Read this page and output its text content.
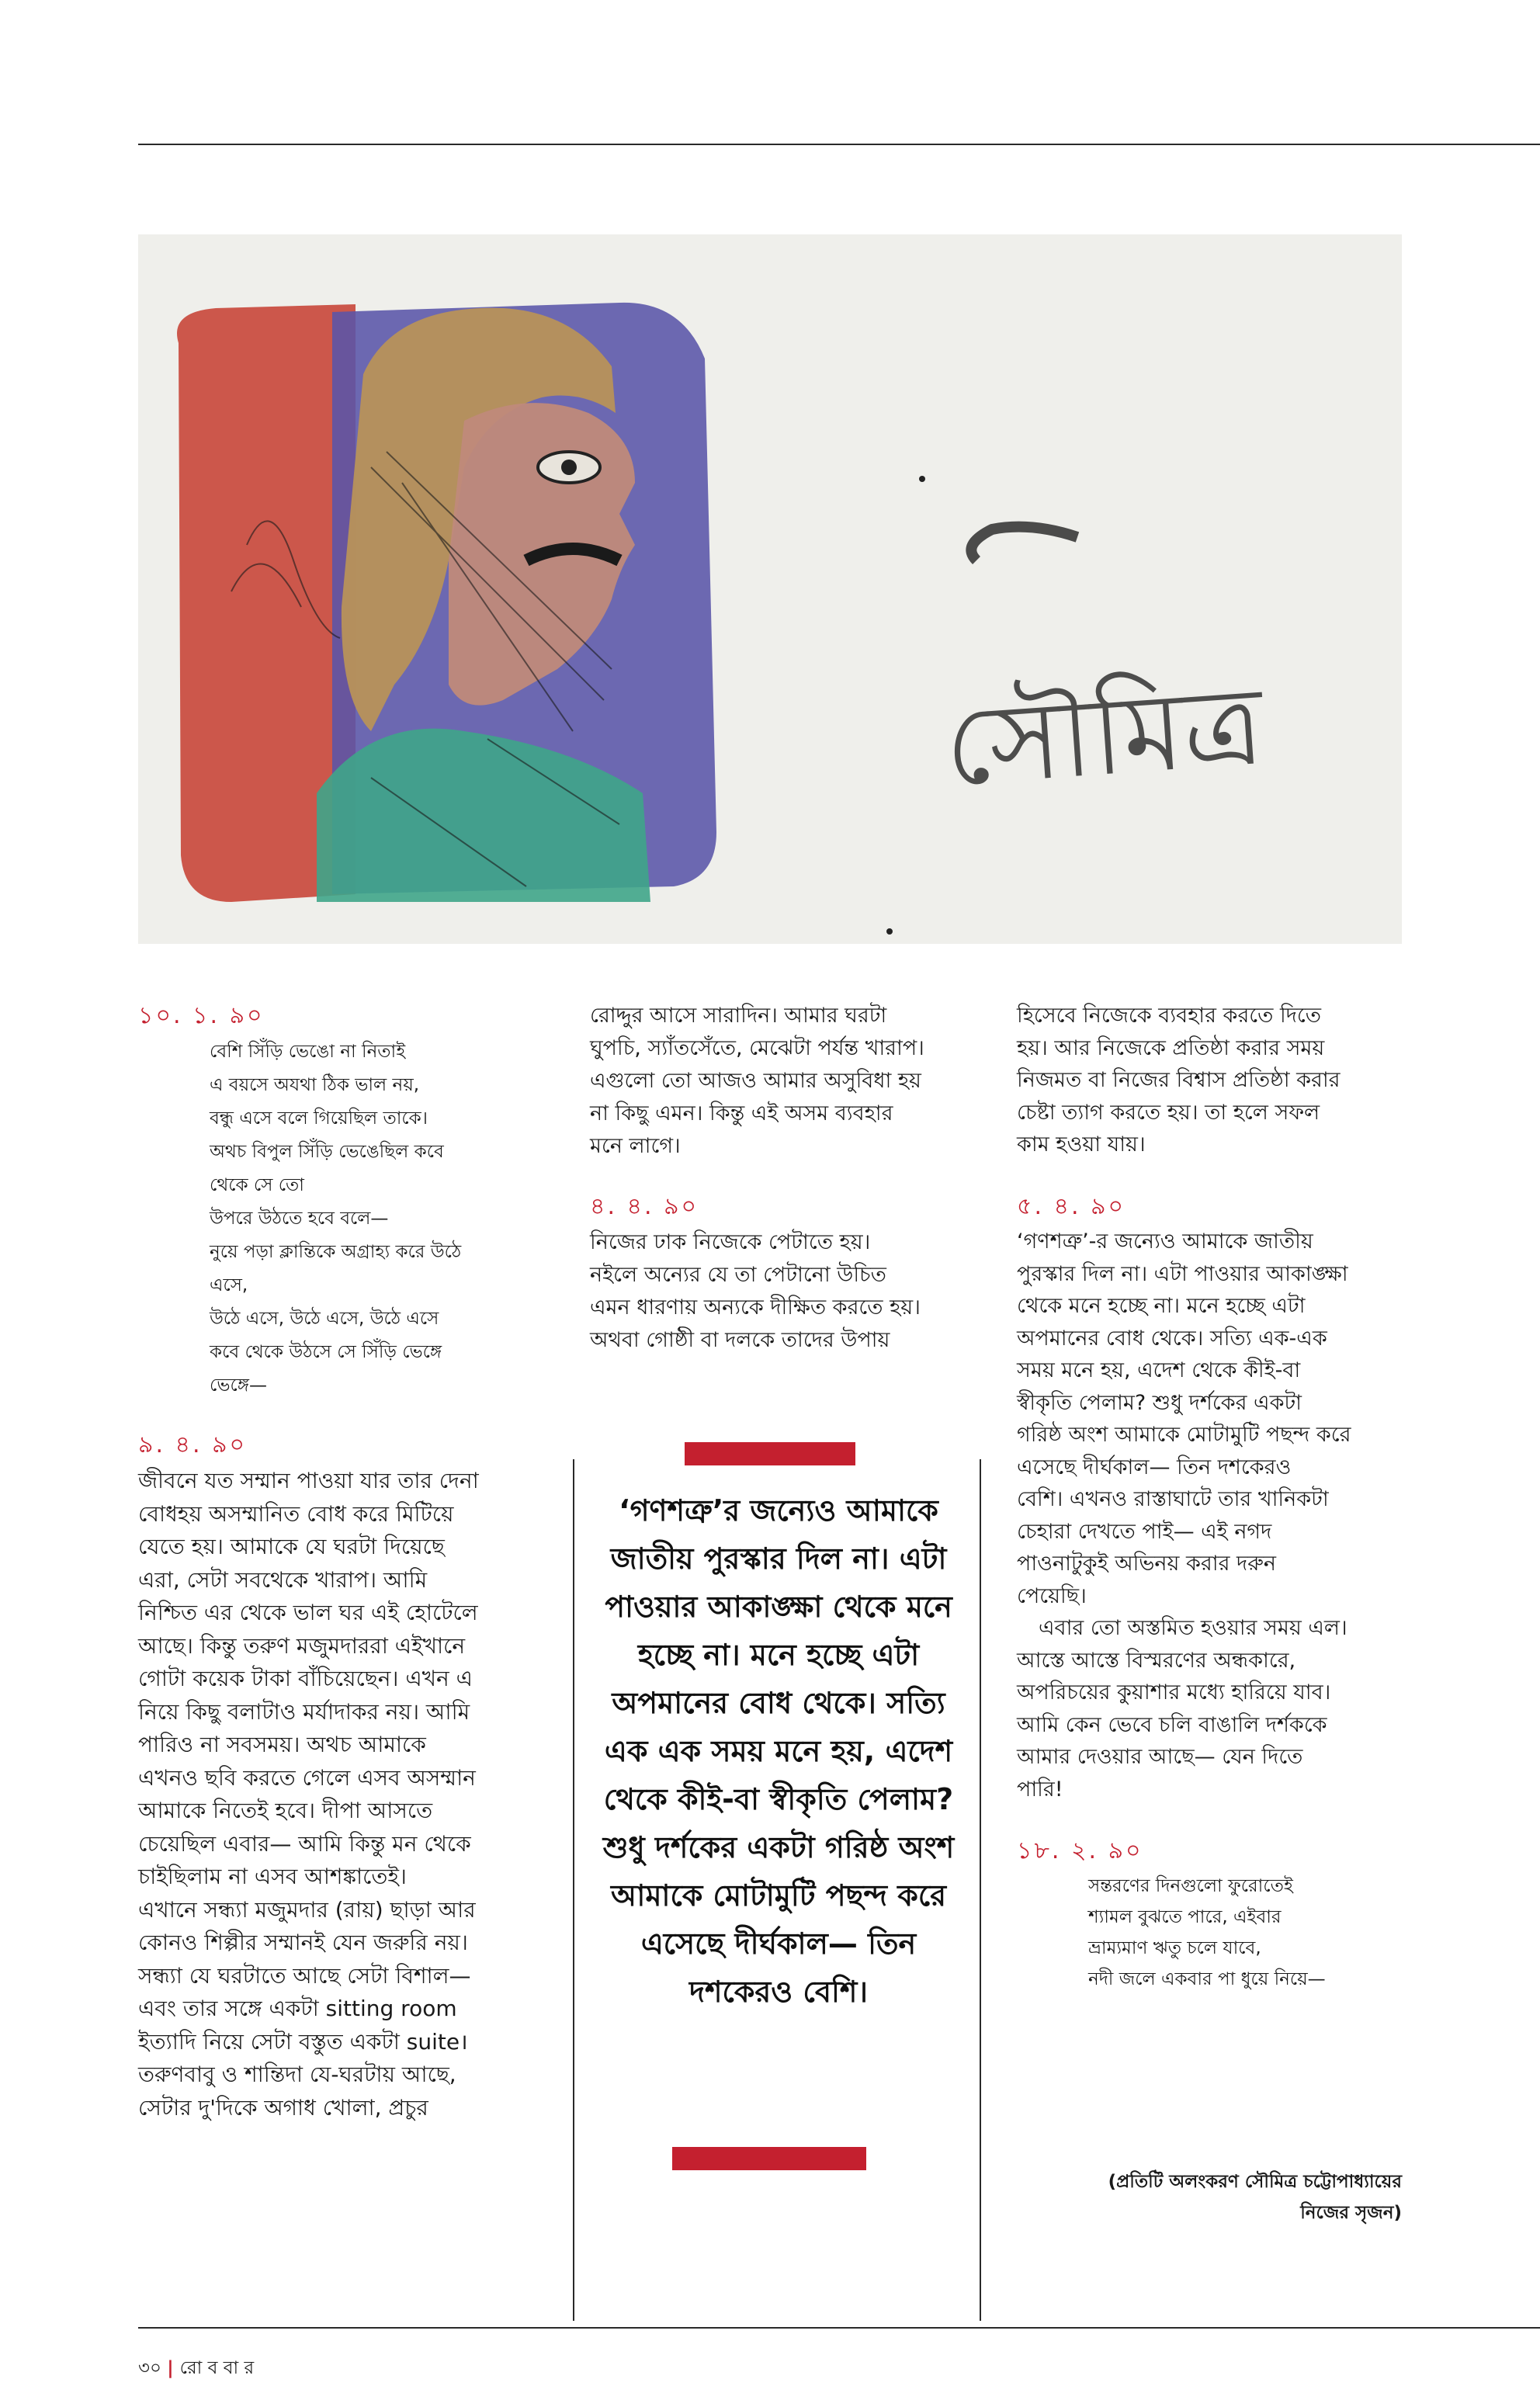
সৌমিত্র
১০. ১. ৯০
বেশি সিঁড়ি ভেঙো না নিতাই
এ বয়সে অযথা ঠিক ভাল নয়,
বন্ধু এসে বলে গিয়েছিল তাকে।
অথচ বিপুল সিঁড়ি ভেঙেছিল কবে
থেকে সে তো
উপরে উঠতে হবে বলে—
নুয়ে পড়া ক্লান্তিকে অগ্রাহ্য করে উঠে
এসে,
উঠে এসে, উঠে এসে, উঠে এসে
কবে থেকে উঠসে সে সিঁড়ি ভেঙ্গে
ভেঙ্গে—
৯. ৪. ৯০
জীবনে যত সম্মান পাওয়া যার তার দেনা
বোধহয় অসম্মানিত বোধ করে মিটিয়ে
যেতে হয়। আমাকে যে ঘরটা দিয়েছে
এরা, সেটা সবথেকে খারাপ। আমি
নিশ্চিত এর থেকে ভাল ঘর এই হোটেলে
আছে। কিন্তু তরুণ মজুমদাররা এইখানে
গোটা কয়েক টাকা বাঁচিয়েছেন। এখন এ
নিয়ে কিছু বলাটাও মর্যাদাকর নয়। আমি
পারিও না সবসময়। অথচ আমাকে
এখনও ছবি করতে গেলে এসব অসম্মান
আমাকে নিতেই হবে। দীপা আসতে
চেয়েছিল এবার— আমি কিন্তু মন থেকে
চাইছিলাম না এসব আশঙ্কাতেই।
এখানে সন্ধ্যা মজুমদার (রায়) ছাড়া আর
কোনও শিল্পীর সম্মানই যেন জরুরি নয়।
সন্ধ্যা যে ঘরটাতে আছে সেটা বিশাল—
এবং তার সঙ্গে একটা sitting room
ইত্যাদি নিয়ে সেটা বস্তুত একটা suite।
তরুণবাবু ও শান্তিদা যে-ঘরটায় আছে,
সেটার দু'দিকে অগাধ খোলা, প্রচুর
রোদ্দুর আসে সারাদিন। আমার ঘরটা
ঘুপচি, স্যাঁতসেঁতে, মেঝেটা পর্যন্ত খারাপ।
এগুলো তো আজও আমার অসুবিধা হয়
না কিছু এমন। কিন্তু এই অসম ব্যবহার
মনে লাগে।
৪. ৪. ৯০
নিজের ঢাক নিজেকে পেটাতে হয়।
নইলে অন্যের যে তা পেটানো উচিত
এমন ধারণায় অন্যকে দীক্ষিত করতে হয়।
অথবা গোষ্ঠী বা দলকে তাদের উপায়
‘গণশত্রু’র জন্যেও আমাকে জাতীয় পুরস্কার দিল না। এটা পাওয়ার আকাঙ্ক্ষা থেকে মনে হচ্ছে না। মনে হচ্ছে এটা অপমানের বোধ থেকে। সত্যি এক এক সময় মনে হয়, এদেশ থেকে কীই-বা স্বীকৃতি পেলাম? শুধু দর্শকের একটা গরিষ্ঠ অংশ আমাকে মোটামুটি পছন্দ করে এসেছে দীর্ঘকাল— তিন দশকেরও বেশি।
হিসেবে নিজেকে ব্যবহার করতে দিতে
হয়। আর নিজেকে প্রতিষ্ঠা করার সময়
নিজমত বা নিজের বিশ্বাস প্রতিষ্ঠা করার
চেষ্টা ত্যাগ করতে হয়। তা হলে সফল
কাম হওয়া যায়।
৫. ৪. ৯০
‘গণশত্রু’-র জন্যেও আমাকে জাতীয়
পুরস্কার দিল না। এটা পাওয়ার আকাঙ্ক্ষা
থেকে মনে হচ্ছে না। মনে হচ্ছে এটা
অপমানের বোধ থেকে। সত্যি এক-এক
সময় মনে হয়, এদেশ থেকে কীই-বা
স্বীকৃতি পেলাম? শুধু দর্শকের একটা
গরিষ্ঠ অংশ আমাকে মোটামুটি পছন্দ করে
এসেছে দীর্ঘকাল— তিন দশকেরও
বেশি। এখনও রাস্তাঘাটে তার খানিকটা
চেহারা দেখতে পাই— এই নগদ
পাওনাটুকুই অভিনয় করার দরুন
পেয়েছি।
এবার তো অস্তমিত হওয়ার সময় এল।
আস্তে আস্তে বিস্মরণের অন্ধকারে,
অপরিচয়ের কুয়াশার মধ্যে হারিয়ে যাব।
আমি কেন ভেবে চলি বাঙালি দর্শককে
আমার দেওয়ার আছে— যেন দিতে
পারি!
১৮. ২. ৯০
সন্তরণের দিনগুলো ফুরোতেই
শ্যামল বুঝতে পারে, এইবার
ভ্রাম্যমাণ ঋতু চলে যাবে,
নদী জলে একবার পা ধুয়ে নিয়ে—
(প্রতিটি অলংকরণ সৌমিত্র চট্টোপাধ্যায়ের
নিজের সৃজন)
৩০ | রো ব বা র
